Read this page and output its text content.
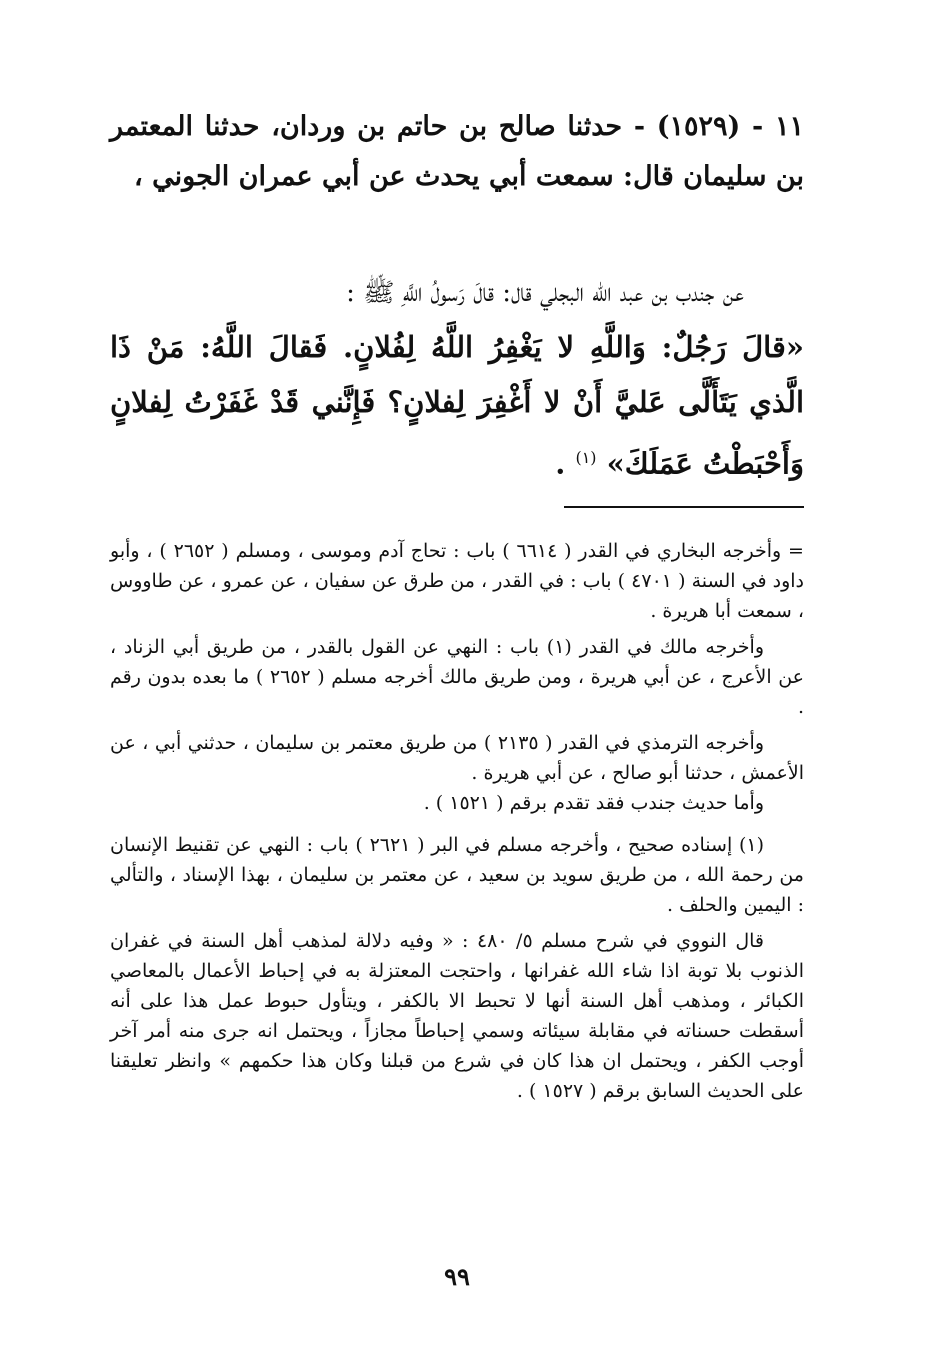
١١ - (١٥٢٩) - حدثنا صالح بن حاتم بن وردان، حدثنا المعتمر بن سليمان قال: سمعت أبي يحدث عن أبي عمران الجوني ،
عن جندب بن عبد الله البجلي قال: قالَ رَسولُ اللَّهِ ﷺ :
«قالَ رَجُلٌ: وَاللَّهِ لا يَغْفِرُ اللَّهُ لِفُلانٍ. فَقالَ اللَّهُ: مَنْ ذَا الَّذي يَتَأَلَّى عَليَّ أَنْ لا أَغْفِرَ لِفلانٍ؟ فَإِنَّني قَدْ غَفَرْتُ لِفلانٍ وَأَحْبَطْتُ عَمَلَكَ» $^{(١)}$ .

= وأخرجه البخاري في القدر ( ٦٦١٤ ) باب : تحاج آدم وموسى ، ومسلم ( ٢٦٥٢ ) ، وأبو داود في السنة ( ٤٧٠١ ) باب : في القدر ، من طرق عن سفيان ، عن عمرو ، عن طاووس ، سمعت أبا هريرة .

وأخرجه مالك في القدر (١) باب : النهي عن القول بالقدر ، من طريق أبي الزناد ، عن الأعرج ، عن أبي هريرة ، ومن طريق مالك أخرجه مسلم ( ٢٦٥٢ ) ما بعده بدون رقم .

وأخرجه الترمذي في القدر ( ٢١٣٥ ) من طريق معتمر بن سليمان ، حدثني أبي ، عن الأعمش ، حدثنا أبو صالح ، عن أبي هريرة .

وأما حديث جندب فقد تقدم برقم ( ١٥٢١ ) .

(١) إسناده صحيح ، وأخرجه مسلم في البر ( ٢٦٢١ ) باب : النهي عن تقنيط الإنسان من رحمة الله ، من طريق سويد بن سعيد ، عن معتمر بن سليمان ، بهذا الإسناد ، والتألي : اليمين والحلف .

قال النووي في شرح مسلم ٥/ ٤٨٠ : « وفيه دلالة لمذهب أهل السنة في غفران الذنوب بلا توبة اذا شاء الله غفرانها ، واحتجت المعتزلة به في إحباط الأعمال بالمعاصي الكبائر ، ومذهب أهل السنة أنها لا تحبط الا بالكفر ، ويتأول حبوط عمل هذا على أنه أسقطت حسناته في مقابلة سيئاته وسمي إحباطاً مجازاً ، ويحتمل انه جرى منه أمر آخر أوجب الكفر ، ويحتمل ان هذا كان في شرع من قبلنا وكان هذا حكمهم » وانظر تعليقنا على الحديث السابق برقم ( ١٥٢٧ ) .

٩٩
